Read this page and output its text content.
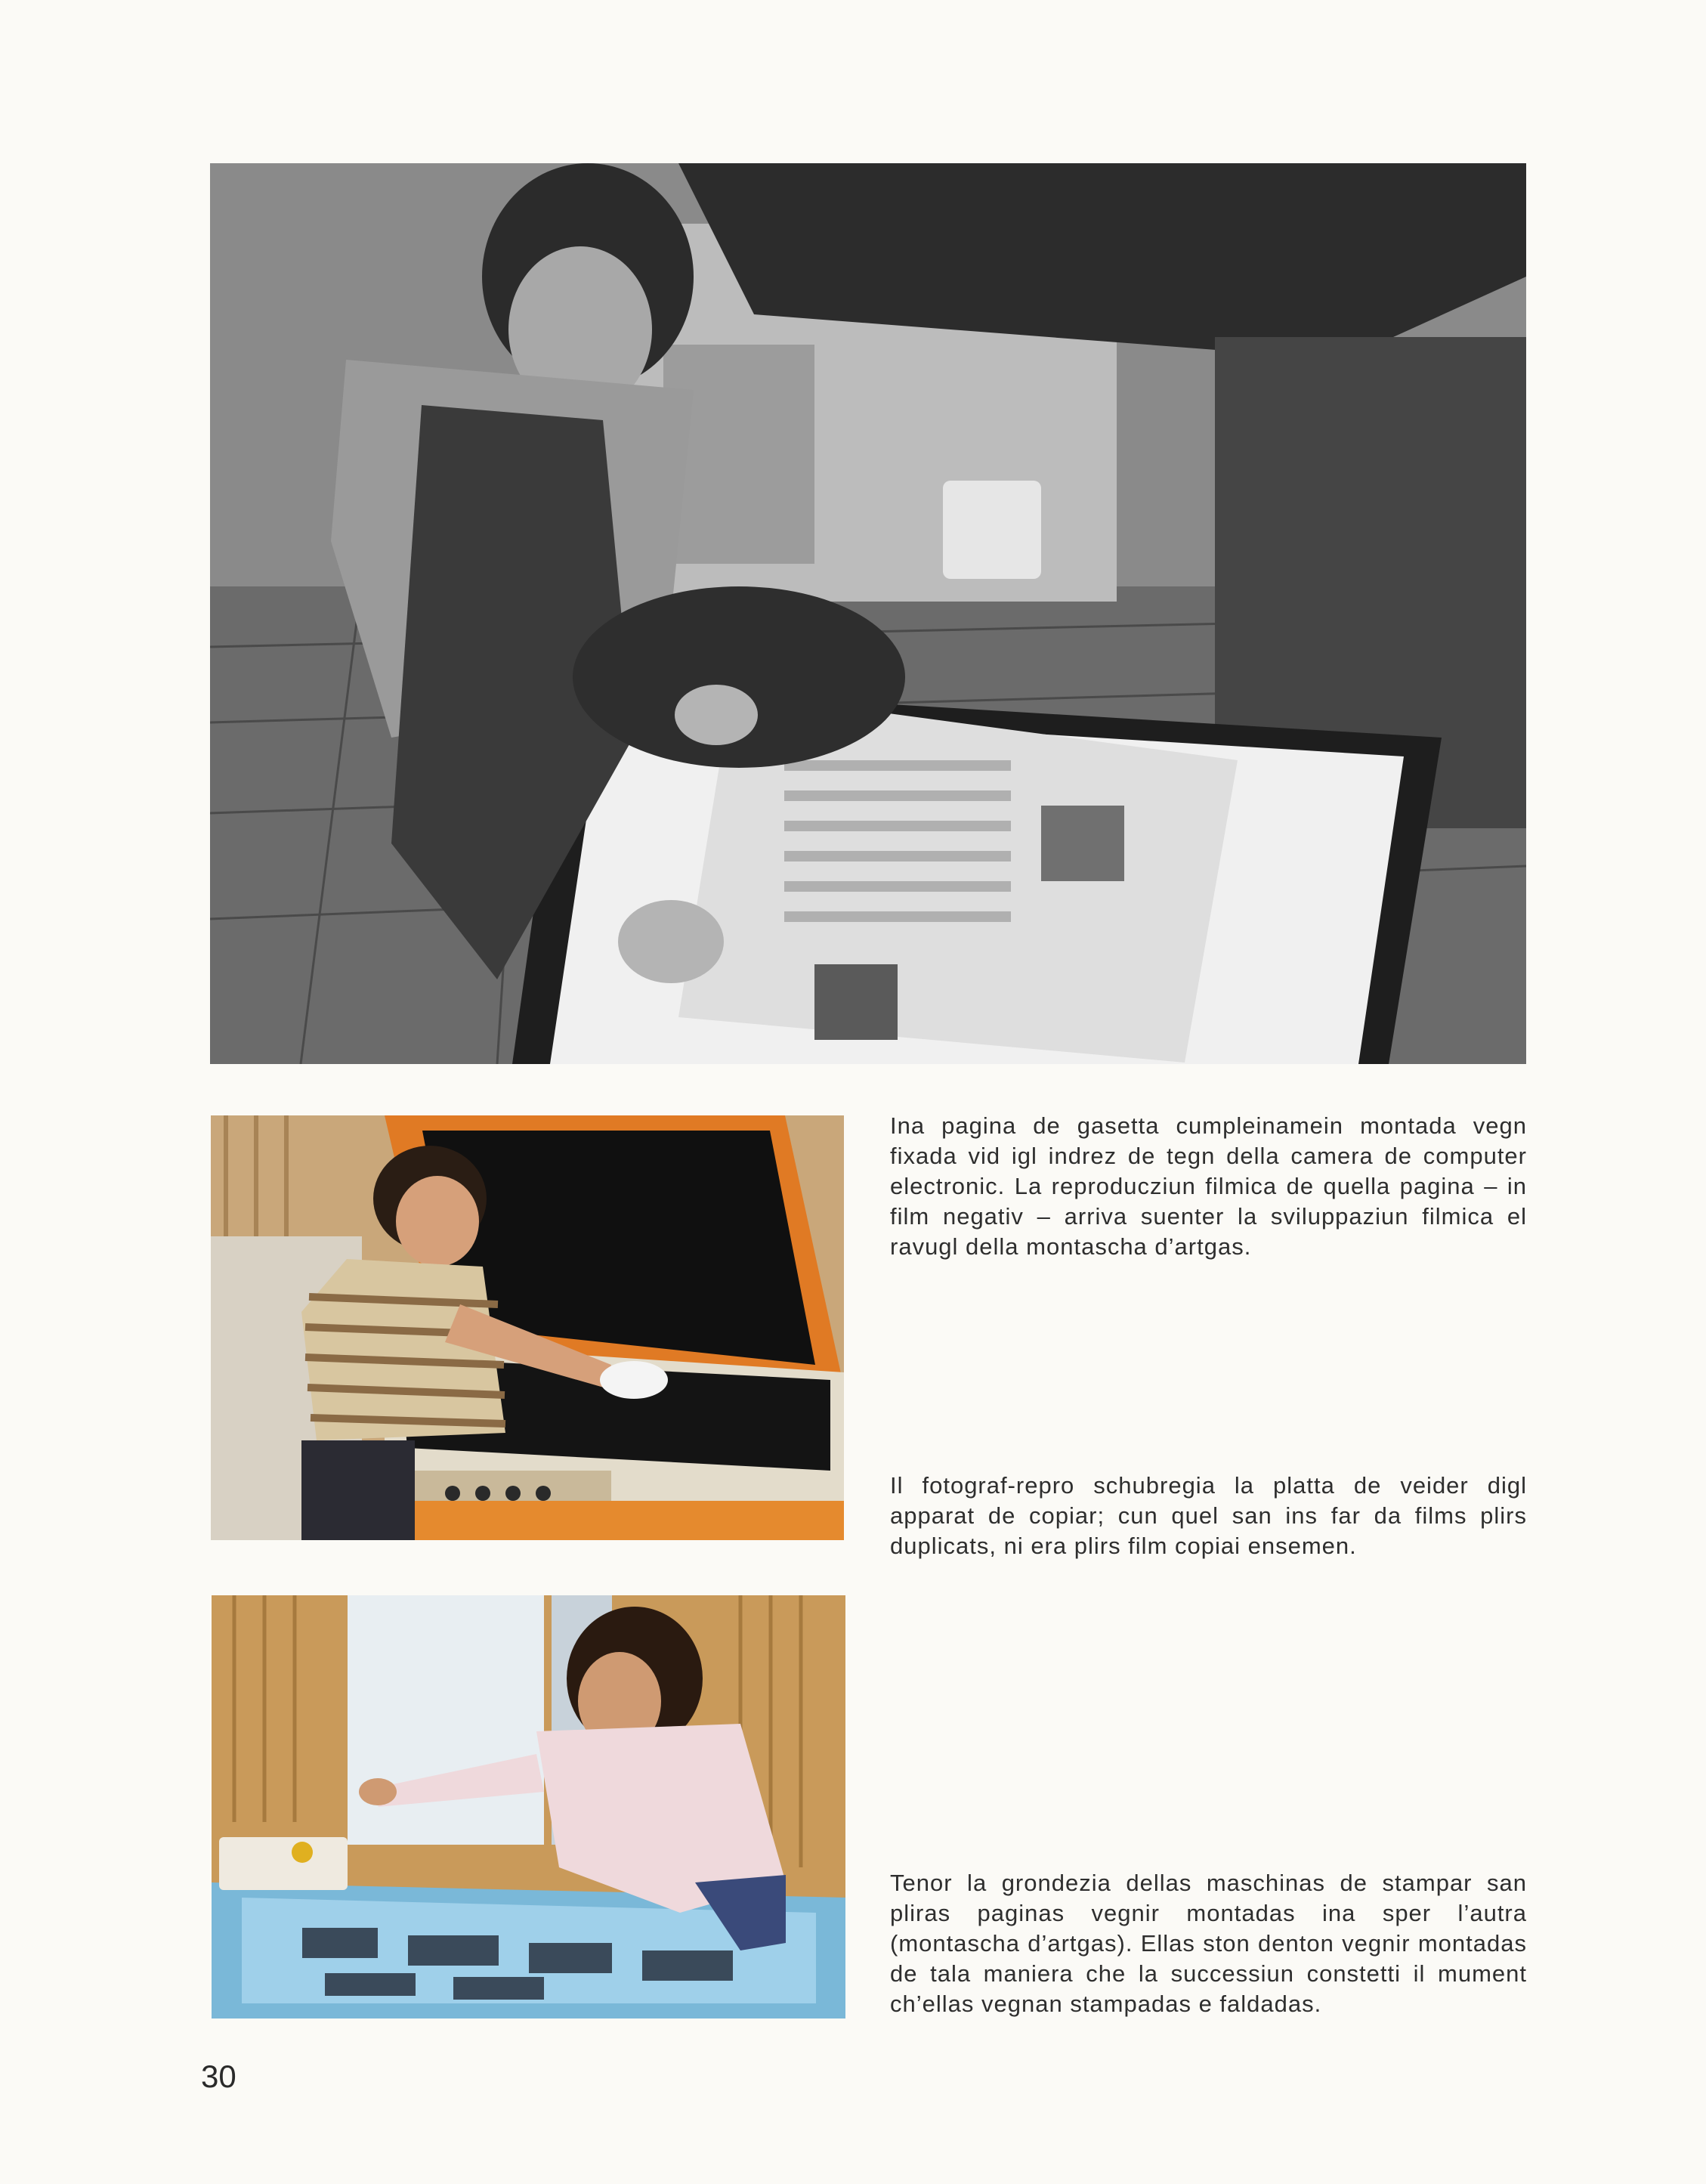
Ina pagina de gasetta cumpleinamein montada vegn fixada vid igl indrez de tegn della camera de computer electronic. La reproducziun filmica de quella pagina – in film negativ – arriva suenter la sviluppaziun filmica el ravugl della montascha d’artgas.

Il fotograf-repro schubregia la platta de veider digl apparat de copiar; cun quel san ins far da films plirs duplicats, ni era plirs film copiai ensemen.

Tenor la grondezia dellas maschinas de stampar san pliras paginas vegnir montadas ina sper l’autra (montascha d’artgas). Ellas ston denton vegnir montadas de tala maniera che la successiun constetti il mument ch’ellas vegnan stampadas e faldadas.

30
